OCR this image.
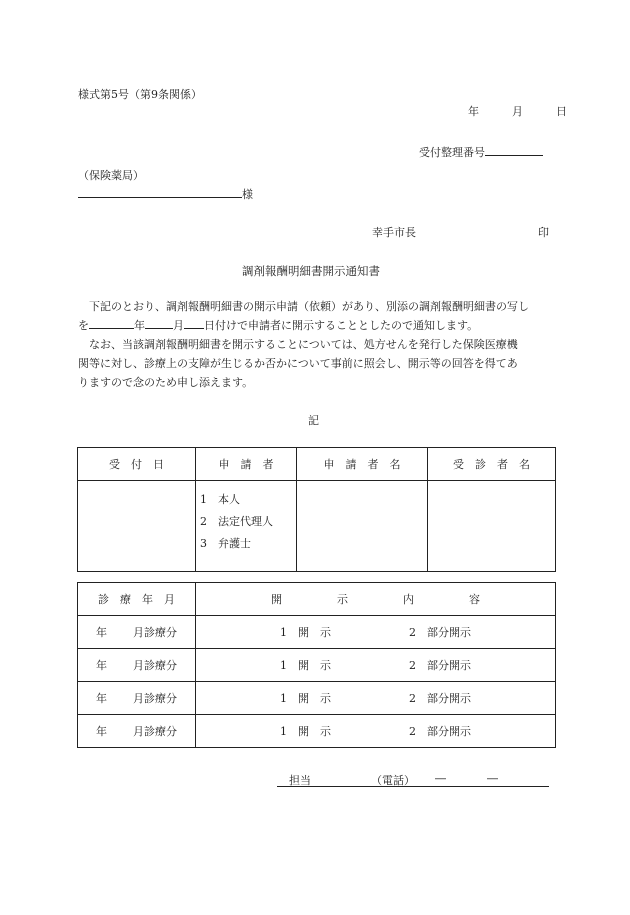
様式第5号（第9条関係）
年	月	日
受付整理番号
（保険薬局）
様
幸手市長	印
調剤報酬明細書開示通知書

下記のとおり、調剤報酬明細書の開示申請（依頼）があり、別添の調剤報酬明細書の写し
を	年	月 日付けで申請者に開示することとしたので通知します。

なお、当該調剤報酬明細書を開示することについては、処方せんを発行した保険医療機
関等に対し、診療上の支障が生じるか否かについて事前に照会し、開示等の回答を得てあ
りますので念のため申し添えます。

記
受　付　日	申　請　者	申　請　者　名	受　診　者　名

	1　本人
2　法定代理人
3　弁護士		

診　療　年　月	開　　　　　示　　　　　内　　　　　容
年 月診療分	1　開　示 2　部分開示
年 月診療分	1　開　示 2　部分開示
年 月診療分	1　開　示 2　部分開示
年 月診療分	1　開　示 2　部分開示
担当	（電話） ―	―
